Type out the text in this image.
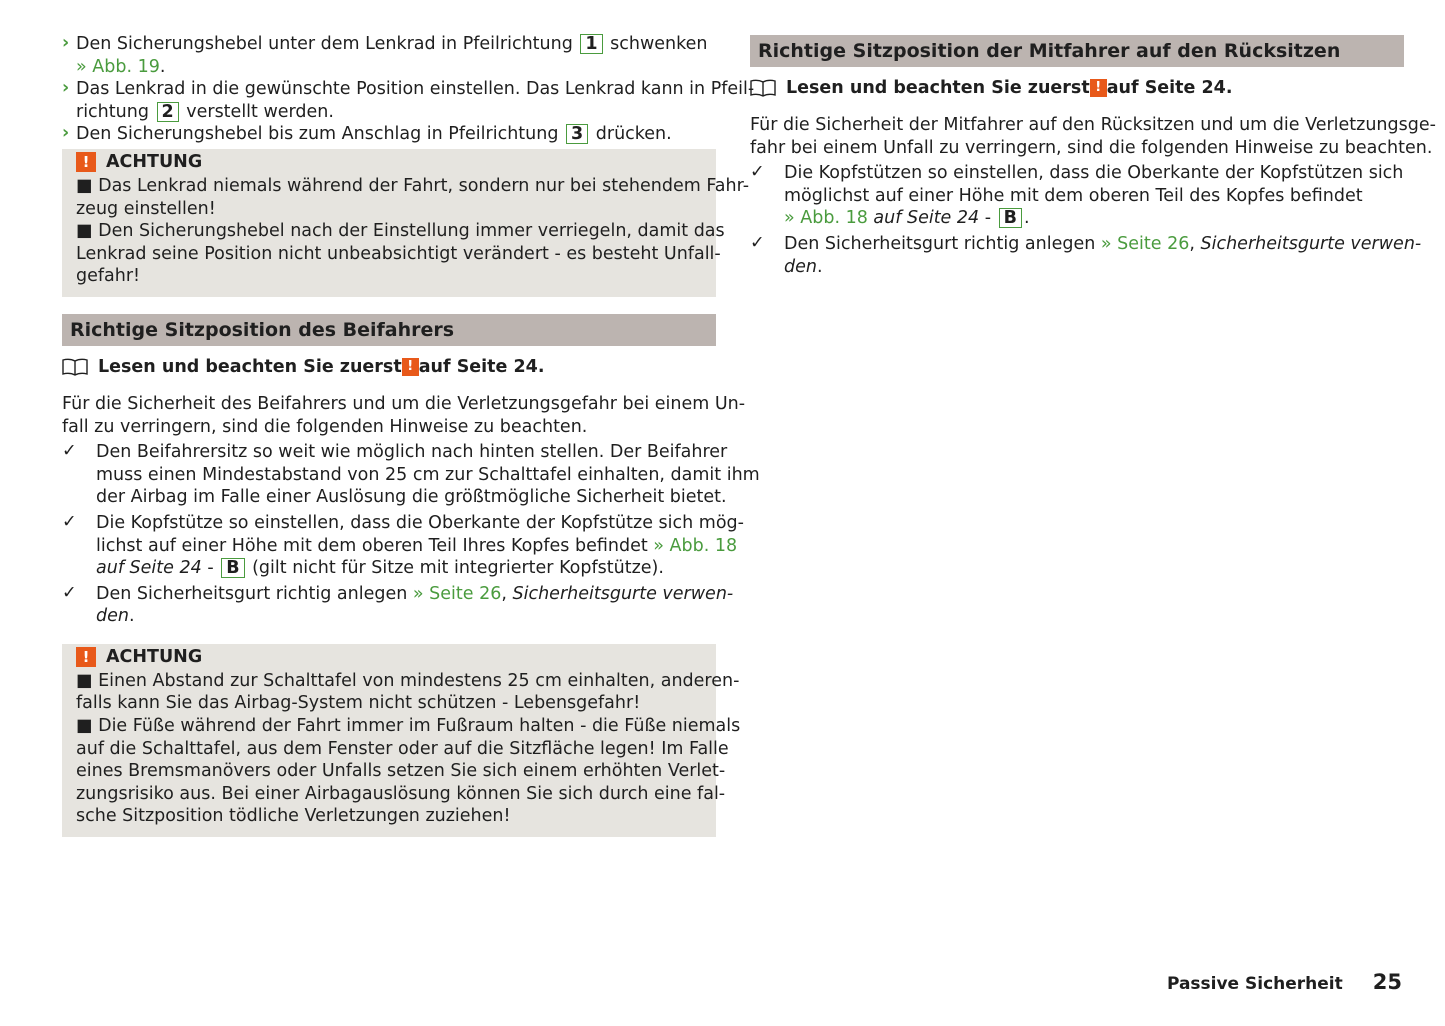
› Den Sicherungshebel unter dem Lenkrad in Pfeilrichtung 1 schwenken
» Abb. 19.
› Das Lenkrad in die gewünschte Position einstellen. Das Lenkrad kann in Pfeil-
richtung 2 verstellt werden.
› Den Sicherungshebel bis zum Anschlag in Pfeilrichtung 3 drücken.
! ACHTUNG
■ Das Lenkrad niemals während der Fahrt, sondern nur bei stehendem Fahr-
zeug einstellen!
■ Den Sicherungshebel nach der Einstellung immer verriegeln, damit das
Lenkrad seine Position nicht unbeabsichtigt verändert - es besteht Unfall-
gefahr!
Richtige Sitzposition des Beifahrers
Lesen und beachten Sie zuerst ! auf Seite 24.
Für die Sicherheit des Beifahrers und um die Verletzungsgefahr bei einem Un-
fall zu verringern, sind die folgenden Hinweise zu beachten.
✓ Den Beifahrersitz so weit wie möglich nach hinten stellen. Der Beifahrer
muss einen Mindestabstand von 25 cm zur Schalttafel einhalten, damit ihm
der Airbag im Falle einer Auslösung die größtmögliche Sicherheit bietet.
✓ Die Kopfstütze so einstellen, dass die Oberkante der Kopfstütze sich mög-
lichst auf einer Höhe mit dem oberen Teil Ihres Kopfes befindet » Abb. 18
auf Seite 24 - B (gilt nicht für Sitze mit integrierter Kopfstütze).
✓ Den Sicherheitsgurt richtig anlegen » Seite 26, Sicherheitsgurte verwen-
den.
! ACHTUNG
■ Einen Abstand zur Schalttafel von mindestens 25 cm einhalten, anderen-
falls kann Sie das Airbag-System nicht schützen - Lebensgefahr!
■ Die Füße während der Fahrt immer im Fußraum halten - die Füße niemals
auf die Schalttafel, aus dem Fenster oder auf die Sitzfläche legen! Im Falle
eines Bremsmanövers oder Unfalls setzen Sie sich einem erhöhten Verlet-
zungsrisiko aus. Bei einer Airbagauslösung können Sie sich durch eine fal-
sche Sitzposition tödliche Verletzungen zuziehen!
Richtige Sitzposition der Mitfahrer auf den Rücksitzen
Lesen und beachten Sie zuerst ! auf Seite 24.
Für die Sicherheit der Mitfahrer auf den Rücksitzen und um die Verletzungsge-
fahr bei einem Unfall zu verringern, sind die folgenden Hinweise zu beachten.
✓ Die Kopfstützen so einstellen, dass die Oberkante der Kopfstützen sich
möglichst auf einer Höhe mit dem oberen Teil des Kopfes befindet
» Abb. 18 auf Seite 24 - B .
✓ Den Sicherheitsgurt richtig anlegen » Seite 26, Sicherheitsgurte verwen-
den.
Passive Sicherheit 25
